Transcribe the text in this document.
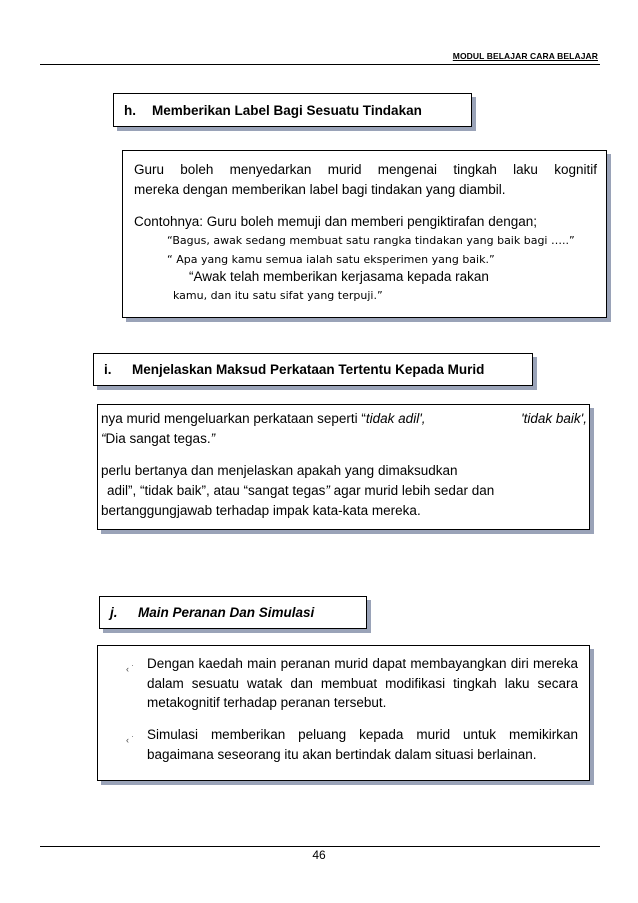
MODUL BELAJAR CARA BELAJAR
h.	Memberikan Label Bagi Sesuatu Tindakan
Guru boleh menyedarkan murid mengenai tingkah laku kognitif
mereka dengan memberikan label bagi tindakan yang diambil.
Contohnya: Guru boleh memuji dan memberi pengiktirafan dengan;
“Bagus, awak sedang membuat satu rangka tindakan yang baik bagi …..”
“ Apa yang kamu semua ialah satu eksperimen yang baik.”
“Awak telah memberikan kerjasama kepada rakan
kamu, dan itu satu sifat yang terpuji.”
i.	Menjelaskan Maksud Perkataan Tertentu Kepada Murid
nya murid mengeluarkan perkataan seperti “tidak adil',	'tidak baik',
“Dia sangat tegas.”
perlu bertanya dan menjelaskan apakah yang dimaksudkan
adil”, “tidak baik”, atau “sangat tegas” agar murid lebih sedar dan
bertanggungjawab terhadap impak kata-kata mereka.
j.	Main Peranan Dan Simulasi
‹ ˙ Dengan kaedah main peranan murid dapat membayangkan diri mereka dalam sesuatu watak dan membuat modifikasi tingkah laku secara metakognitif terhadap peranan tersebut.
‹ ˙ Simulasi memberikan peluang kepada murid untuk memikirkan bagaimana seseorang itu akan bertindak dalam situasi berlainan.
46
